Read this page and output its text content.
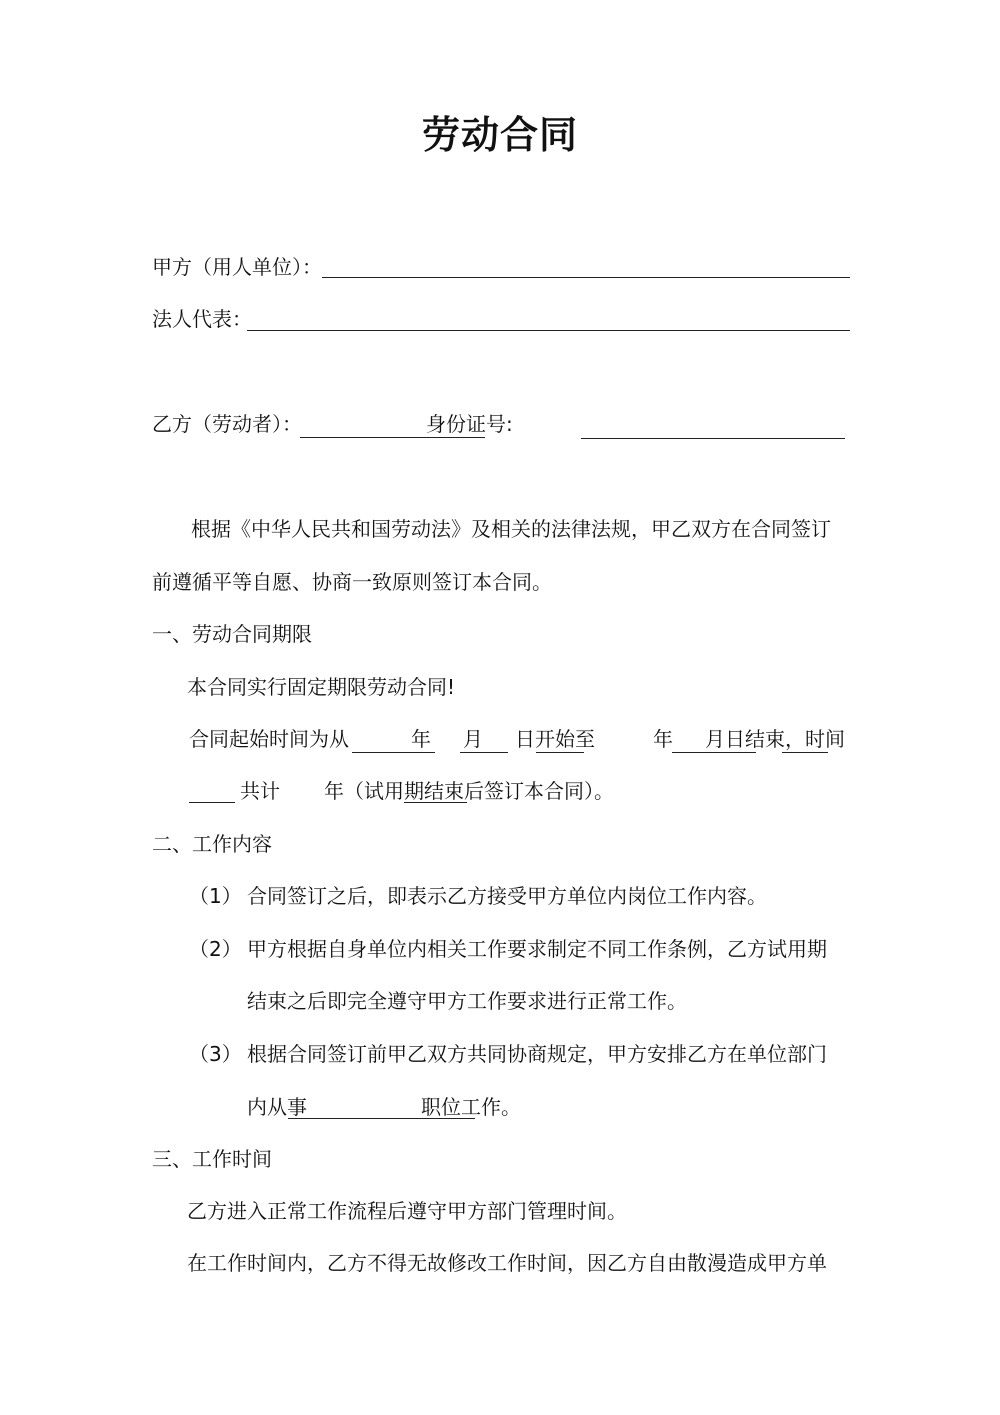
劳动合同
甲方（用人单位）：
法人代表：
乙方（劳动者）：	身份证号:
根据《中华人民共和国劳动法》及相关的法律法规，甲乙双方在合同签订
前遵循平等自愿、协商一致原则签订本合同。
一、劳动合同期限
本合同实行固定期限劳动合同!
合同起始时间为从	年 月 日开始至	年 月日结束，时间
共计 年（试用期结束后签订本合同）。
二、工作内容
（1） 合同签订之后，即表示乙方接受甲方单位内岗位工作内容。
（2） 甲方根据自身单位内相关工作要求制定不同工作条例，乙方试用期
结束之后即完全遵守甲方工作要求进行正常工作。
（3） 根据合同签订前甲乙双方共同协商规定，甲方安排乙方在单位部门
内从事	职位工作。
三、工作时间
乙方进入正常工作流程后遵守甲方部门管理时间。
在工作时间内，乙方不得无故修改工作时间，因乙方自由散漫造成甲方单
